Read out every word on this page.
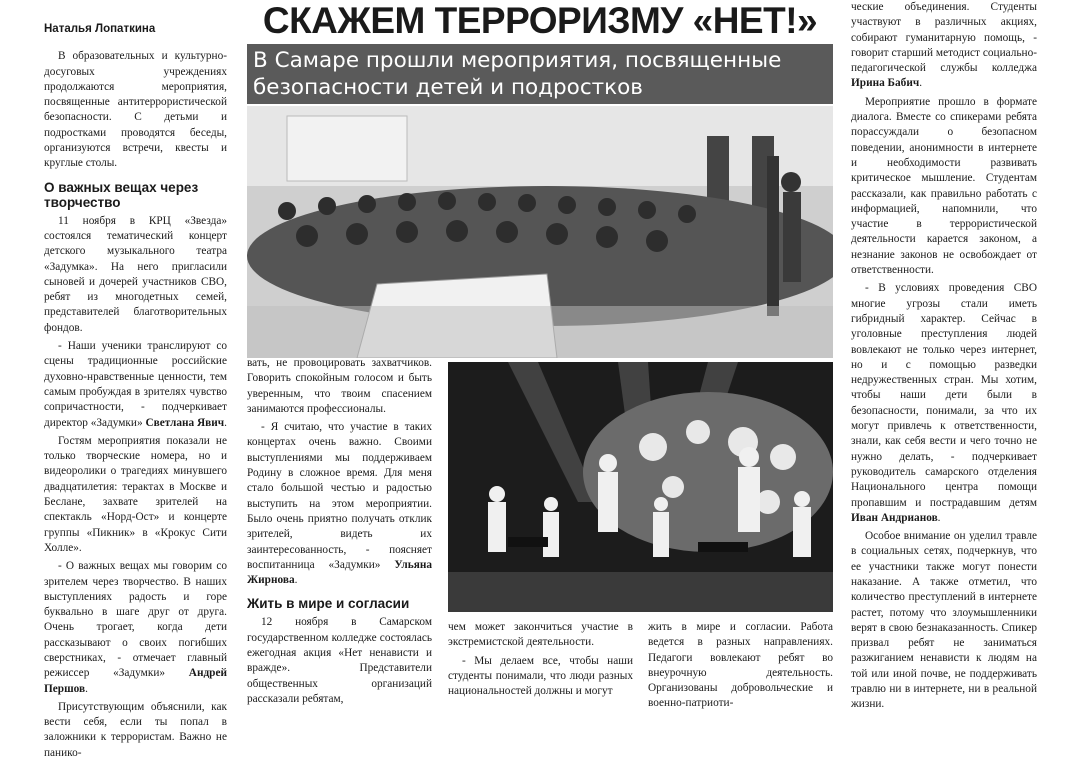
Наталья Лопаткина

В образовательных и культурно-досуговых учреждениях продолжаются мероприятия, посвященные антитеррористической безопасности. С детьми и подростками проводятся беседы, организуются встречи, квесты и круглые столы.

О важных вещах через творчество

11 ноября в КРЦ «Звезда» состоялся тематический концерт детского музыкального театра «Задумка». На него пригласили сыновей и дочерей участников СВО, ребят из многодетных семей, представителей благотворительных фондов.

- Наши ученики транслируют со сцены традиционные российские духовно-нравственные ценности, тем самым пробуждая в зрителях чувство сопричастности, - подчеркивает директор «Задумки» Светлана Явич.

Гостям мероприятия показали не только творческие номера, но и видеоролики о трагедиях минувшего двадцатилетия: терактах в Москве и Беслане, захвате зрителей на спектакль «Норд-Ост» и концерте группы «Пикник» в «Крокус Сити Холле».

- О важных вещах мы говорим со зрителем через творчество. В наших выступлениях радость и горе буквально в шаге друг от друга. Очень трогает, когда дети рассказывают о своих погибших сверстниках, - отмечает главный режиссер «Задумки» Андрей Першов.

Присутствующим объяснили, как вести себя, если ты попал в заложники к террористам. Важно не панико-

СКАЖЕМ ТЕРРОРИЗМУ «НЕТ!»
В Самаре прошли мероприятия, посвященные безопасности детей и подростков

вать, не провоцировать захватчиков. Говорить спокойным голосом и быть уверенным, что твоим спасением занимаются профессионалы.

- Я считаю, что участие в таких концертах очень важно. Своими выступлениями мы поддерживаем Родину в сложное время. Для меня стало большой честью и радостью выступить на этом мероприятии. Было очень приятно получать отклик зрителей, видеть их заинтересованность, - поясняет воспитанница «Задумки» Ульяна Жирнова.

Жить в мире и согласии

12 ноября в Самарском государственном колледже состоялась ежегодная акция «Нет ненависти и вражде». Представители общественных организаций рассказали ребятам,

чем может закончиться участие в экстремистской деятельности.

- Мы делаем все, чтобы наши студенты понимали, что люди разных национальностей должны и могут

жить в мире и согласии. Работа ведется в разных направлениях. Педагоги вовлекают ребят во внеурочную деятельность. Организованы добровольческие и военно-патриоти-

ческие объединения. Студенты участвуют в различных акциях, собирают гуманитарную помощь, - говорит старший методист социально-педагогической службы колледжа Ирина Бабич.

Мероприятие прошло в формате диалога. Вместе со спикерами ребята порассуждали о безопасном поведении, анонимности в интернете и необходимости развивать критическое мышление. Студентам рассказали, как правильно работать с информацией, напомнили, что участие в террористической деятельности карается законом, а незнание законов не освобождает от ответственности.

- В условиях проведения СВО многие угрозы стали иметь гибридный характер. Сейчас в уголовные преступления людей вовлекают не только через интернет, но и с помощью разведки недружественных стран. Мы хотим, чтобы наши дети были в безопасности, понимали, за что их могут привлечь к ответственности, знали, как себя вести и чего точно не нужно делать, - подчеркивает руководитель самарского отделения Национального центра помощи пропавшим и пострадавшим детям Иван Андрианов.

Особое внимание он уделил травле в социальных сетях, подчеркнув, что ее участники также могут понести наказание. А также отметил, что количество преступлений в интернете растет, потому что злоумышленники верят в свою безнаказанность. Спикер призвал ребят не заниматься разжиганием ненависти к людям на той или иной почве, не поддерживать травлю ни в интернете, ни в реальной жизни.
